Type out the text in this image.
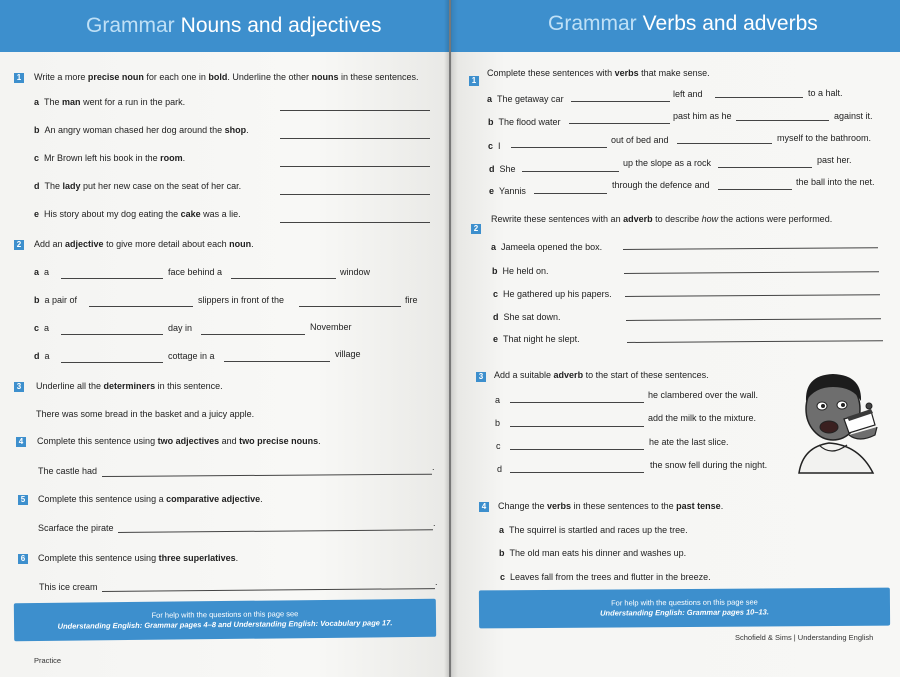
Grammar Nouns and adjectives
1	Write a more precise noun for each one in bold. Underline the other nouns in these sentences.
a The man went for a run in the park.
b An angry woman chased her dog around the shop.
c Mr Brown left his book in the room.
d The lady put her new case on the seat of her car.
e His story about my dog eating the cake was a lie.
2	Add an adjective to give more detail about each noun.
a a	face behind a	window
b a pair of	slippers in front of the	fire
c a	day in	November
d a	cottage in a	village
3	Underline all the determiners in this sentence.
There was some bread in the basket and a juicy apple.
4	Complete this sentence using two adjectives and two precise nouns.
The castle had	.
5	Complete this sentence using a comparative adjective.
Scarface the pirate	.
6	Complete this sentence using three superlatives.
This ice cream	.
For help with the questions on this page see
Understanding English: Grammar pages 4–8 and Understanding English: Vocabulary page 17.
Practice
Grammar Verbs and adverbs
1
Complete these sentences with verbs that make sense.
a The getaway car	left and	to a halt.
b The flood water
past him as he	against it.
c I
out of bed and	myself to the bathroom.
d She
up the slope as a rock	past her.
e Yannis
through the defence and	the ball into the net.
2
Rewrite these sentences with an adverb to describe how the actions were performed.
a Jameela opened the box.
b He held on.
c He gathered up his papers.
d She sat down.
e That night he slept.
3	Add a suitable adverb to the start of these sentences.
a	he clambered over the wall.
b	add the milk to the mixture.
c	he ate the last slice.
d	the snow fell during the night.
4	Change the verbs in these sentences to the past tense.
a The squirrel is startled and races up the tree.
b The old man eats his dinner and washes up.
c Leaves fall from the trees and flutter in the breeze.
For help with the questions on this page see
Understanding English: Grammar pages 10–13.
Schofield & Sims | Understanding English
